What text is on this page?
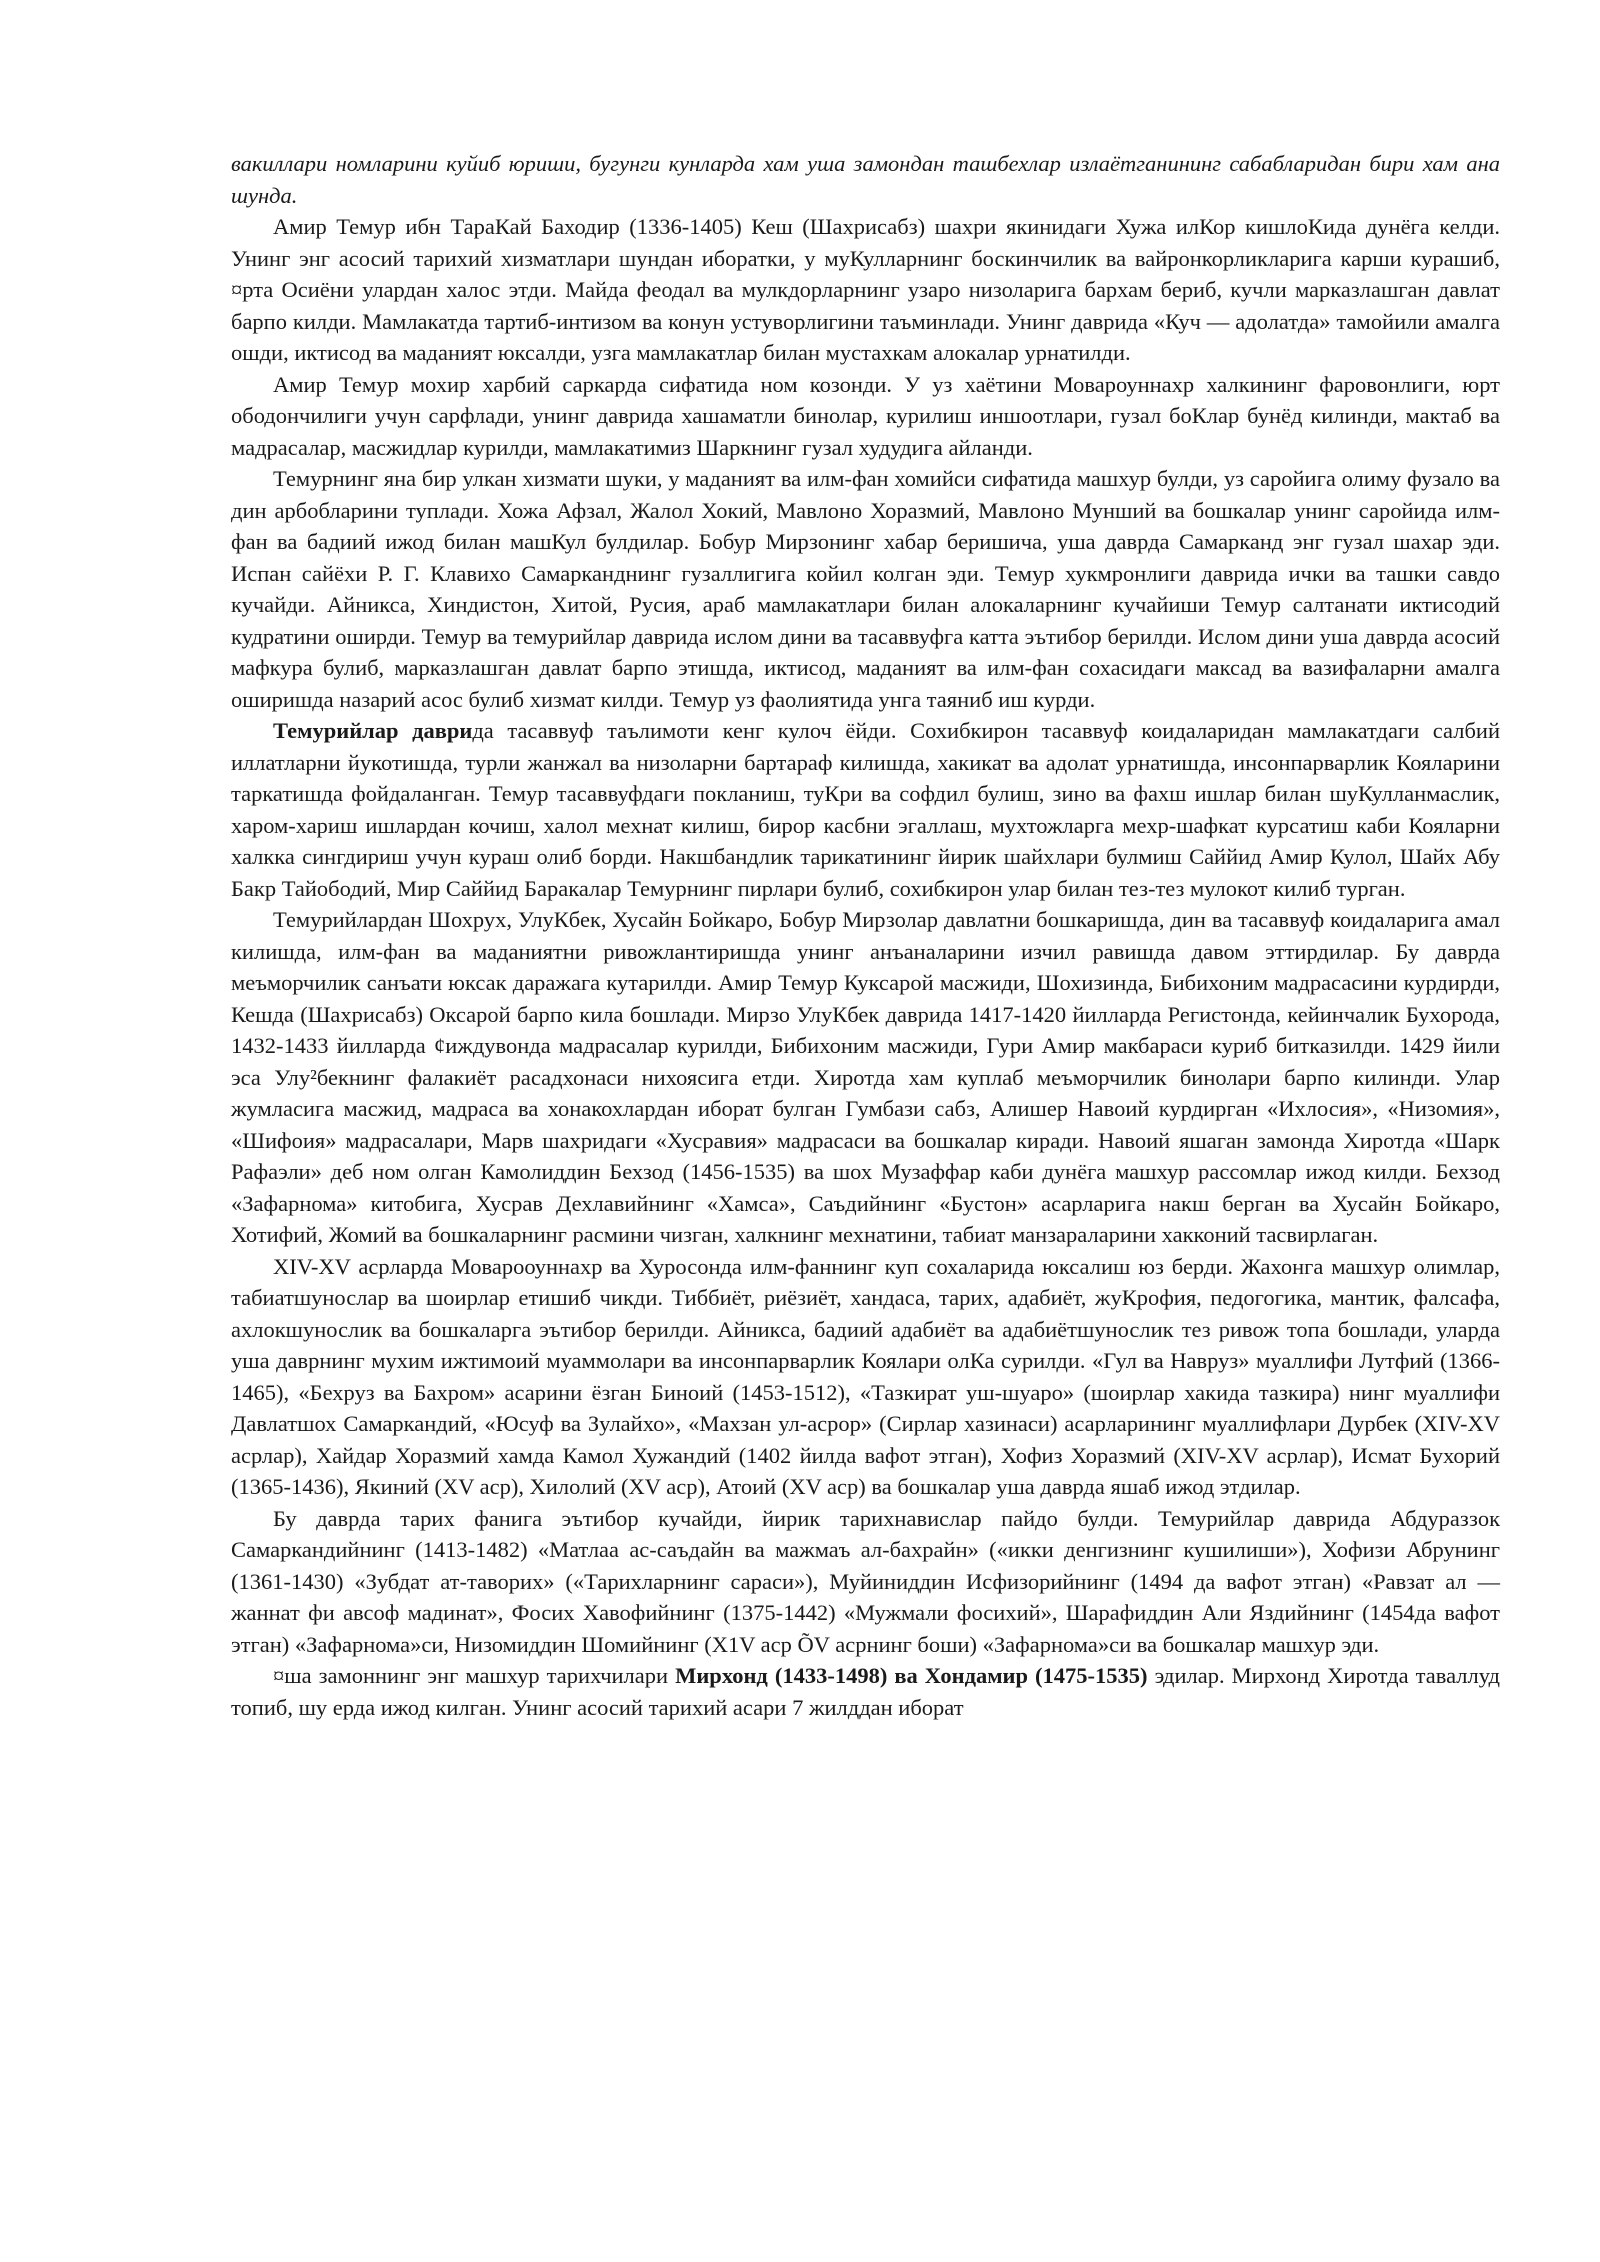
вакиллари номларини куйиб юриши, бугунги кунларда хам уша замондан ташбехлар излаётганининг сабабларидан бири хам ана шунда.

Амир Темур ибн ТараКай Баходир (1336-1405) Кеш (Шахрисабз) шахри якинидаги Хужа илКор кишлоКида дунёга келди. Унинг энг асосий тарихий хизматлари шундан иборатки, у муКулларнинг боскинчилик ва вайронкорликларига карши курашиб, ¤рта Осиёни улардан халос этди. Майда феодал ва мулкдорларнинг узаро низоларига бархам бериб, кучли марказлашган давлат барпо килди. Мамлакатда тартиб-интизом ва конун устуворлигини таъминлади. Унинг даврида «Куч — адолатда» тамойили амалга ошди, иктисод ва маданият юксалди, узга мамлакатлар билан мустахкам алокалар урнатилди.

Амир Темур мохир харбий саркарда сифатида ном козонди. У уз хаётини Мовароуннахр халкининг фаровонлиги, юрт ободончилиги учун сарфлади, унинг даврида хашаматли бинолар, курилиш иншоотлари, гузал боКлар бунёд килинди, мактаб ва мадрасалар, масжидлар курилди, мамлакатимиз Шаркнинг гузал худудига айланди.

Темурнинг яна бир улкан хизмати шуки, у маданият ва илм-фан хомийси сифатида машхур булди, уз саройига олиму фузало ва дин арбобларини туплади. Хожа Афзал, Жалол Хокий, Мавлоно Хоразмий, Мавлоно Мунший ва бошкалар унинг саройида илм-фан ва бадиий ижод билан машКул булдилар. Бобур Мирзонинг хабар беришича, уша даврда Самарканд энг гузал шахар эди. Испан сайёхи Р. Г. Клавихо Самарканднинг гузаллигига койил колган эди. Темур хукмронлиги даврида ички ва ташки савдо кучайди. Айникса, Хиндистон, Хитой, Русия, араб мамлакатлари билан алокаларнинг кучайиши Темур салтанати иктисодий кудратини оширди. Темур ва темурийлар даврида ислом дини ва тасаввуфга катта эътибор берилди. Ислом дини уша даврда асосий мафкура булиб, марказлашган давлат барпо этишда, иктисод, маданият ва илм-фан сохасидаги максад ва вазифаларни амалга оширишда назарий асос булиб хизмат килди. Темур уз фаолиятида унга таяниб иш курди.

Темурийлар даврида тасаввуф таълимоти кенг кулоч ёйди. Сохибкирон тасаввуф коидаларидан мамлакатдаги салбий иллатларни йукотишда, турли жанжал ва низоларни бартараф килишда, хакикат ва адолат урнатишда, инсонпарварлик Кояларини таркатишда фойдаланган. Темур тасаввуфдаги покланиш, туКри ва софдил булиш, зино ва фахш ишлар билан шуКулланмаслик, харом-хариш ишлардан кочиш, халол мехнат килиш, бирор касбни эгаллаш, мухтожларга мехр-шафкат курсатиш каби Кояларни халкка сингдириш учун кураш олиб борди. Накшбандлик тарикатининг йирик шайхлари булмиш Саййид Амир Кулол, Шайх Абу Бакр Тайободий, Мир Саййид Баракалар Темурнинг пирлари булиб, сохибкирон улар билан тез-тез мулокот килиб турган.

Темурийлардан Шохрух, УлуКбек, Хусайн Бойкаро, Бобур Мирзолар давлатни бошкаришда, дин ва тасаввуф коидаларига амал килишда, илм-фан ва маданиятни ривожлантиришда унинг анъаналарини изчил равишда давом эттирдилар. Бу даврда меъморчилик санъати юксак даражага кутарилди. Амир Темур Куксарой масжиди, Шохизинда, Бибихоним мадрасасини курдирди, Кешда (Шахрисабз) Оксарой барпо кила бошлади. Мирзо УлуКбек даврида 1417-1420 йилларда Регистонда, кейинчалик Бухорода, 1432-1433 йилларда ¢иждувонда мадрасалар курилди, Бибихоним масжиди, Гури Амир макбараси куриб битказилди. 1429 йили эса Улу²бекнинг фалакиёт расадхонаси нихоясига етди. Хиротда хам куплаб меъморчилик бинолари барпо килинди. Улар жумласига масжид, мадраса ва хонакохлардан иборат булган Гумбази сабз, Алишер Навоий курдирган «Ихлосия», «Низомия», «Шифоия» мадрасалари, Марв шахридаги «Хусравия» мадрасаси ва бошкалар киради. Навоий яшаган замонда Хиротда «Шарк Рафаэли» деб ном олган Камолиддин Бехзод (1456-1535) ва шох Музаффар каби дунёга машхур рассомлар ижод килди. Бехзод «Зафарнома» китобига, Хусрав Дехлавийнинг «Хамса», Саъдийнинг «Бустон» асарларига накш берган ва Хусайн Бойкаро, Хотифий, Жомий ва бошкаларнинг расмини чизган, халкнинг мехнатини, табиат манзараларини хакконий тасвирлаган.

XIV-XV асрларда Моварооуннахр ва Хуросонда илм-фаннинг куп сохаларида юксалиш юз берди. Жахонга машхур олимлар, табиатшунослар ва шоирлар етишиб чикди. Тиббиёт, риёзиёт, хандаса, тарих, адабиёт, жуКрофия, педогогика, мантик, фалсафа, ахлокшунослик ва бошкаларга эътибор берилди. Айникса, бадиий адабиёт ва адабиётшунослик тез ривож топа бошлади, уларда уша даврнинг мухим ижтимоий муаммолари ва инсонпарварлик Коялари олКа сурилди. «Гул ва Навруз» муаллифи Лутфий (1366-1465), «Бехруз ва Бахром» асарини ёзган Биноий (1453-1512), «Тазкират уш-шуаро» (шоирлар хакида тазкира) нинг муаллифи Давлатшох Самаркандий, «Юсуф ва Зулайхо», «Махзан ул-асрор» (Сирлар хазинаси) асарларининг муаллифлари Дурбек (XIV-XV асрлар), Хайдар Хоразмий хамда Камол Хужандий (1402 йилда вафот этган), Хофиз Хоразмий (XIV-XV асрлар), Исмат Бухорий (1365-1436), Якиний (XV аср), Хилолий (XV аср), Атоий (XV аср) ва бошкалар уша даврда яшаб ижод этдилар.

Бу даврда тарих фанига эътибор кучайди, йирик тарихнавислар пайдо булди. Темурийлар даврида Абдураззок Самаркандийнинг (1413-1482) «Матлаа ас-саъдайн ва мажмаъ ал-бахрайн» («икки денгизнинг кушилиши»), Хофизи Абрунинг (1361-1430) «Зубдат ат-таворих» («Тарихларнинг сараси»), Муйиниддин Исфизорийнинг (1494 да вафот этган) «Равзат ал — жаннат фи авсоф мадинат», Фосих Хавофийнинг (1375-1442) «Мужмали фосихий», Шарафиддин Али Яздийнинг (1454да вафот этган) «Зафарнома»си, Низомиддин Шомийнинг (Х1V аср ÕV асрнинг боши) «Зафарнома»си ва бошкалар машхур эди.

¤ша замоннинг энг машхур тарихчилари Мирхонд (1433-1498) ва Хондамир (1475-1535) эдилар. Мирхонд Хиротда таваллуд топиб, шу ерда ижод килган. Унинг асосий тарихий асари 7 жилддан иборат
